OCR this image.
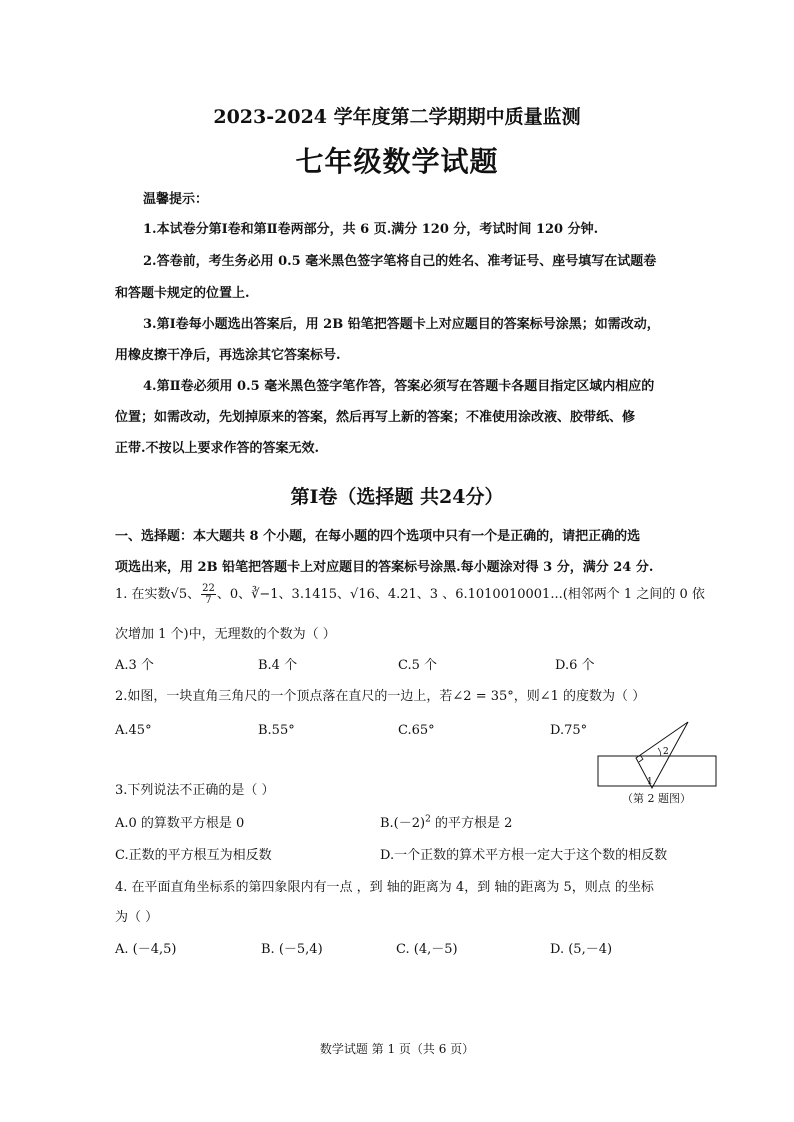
2023-2024 学年度第二学期期中质量监测
七年级数学试题
温馨提示：
1.本试卷分第Ⅰ卷和第Ⅱ卷两部分，共 6 页.满分 120 分，考试时间 120 分钟.
2.答卷前，考生务必用 0.5 毫米黑色签字笔将自己的姓名、准考证号、座号填写在试题卷
和答题卡规定的位置上.
3.第Ⅰ卷每小题选出答案后，用 2B 铅笔把答题卡上对应题目的答案标号涂黑；如需改动，
用橡皮擦干净后，再选涂其它答案标号.
4.第Ⅱ卷必须用 0.5 毫米黑色签字笔作答，答案必须写在答题卡各题目指定区域内相应的
位置；如需改动，先划掉原来的答案，然后再写上新的答案；不准使用涂改液、胶带纸、修
正带.不按以上要求作答的答案无效.
第Ⅰ卷（选择题 共24分）
一、选择题：本大题共 8 个小题，在每小题的四个选项中只有一个是正确的，请把正确的选
项选出来，用 2B 铅笔把答题卡上对应题目的答案标号涂黑.每小题涂对得 3 分，满分 24 分.
1. 在实数√5、 $\frac{22}{7}$ 、0、∛−1、3.1415、√16、4.21、3 、6.1010010001...(相邻两个 1 之间的 0 依
次增加 1 个)中，无理数的个数为（ ）
A.3 个	B.4 个	C.5 个	D.6 个
2.如图，一块直角三角尺的一个顶点落在直尺的一边上，若∠2 = 35°，则∠1 的度数为（ ）
A.45°	B.55°	C.65°	D.75°
2
1
（第 2 题图）
3.下列说法不正确的是（ ）
A.0 的算数平方根是 0	$B.(-2)^2$ 的平方根是 2
C.正数的平方根互为相反数	D.一个正数的算术平方根一定大于这个数的相反数
4. 在平面直角坐标系的第四象限内有一点 ，到 轴的距离为 4，到 轴的距离为 5，则点 的坐标
为（ ）
A. (－4,5)	B. (－5,4)	C. (4,－5)	D. (5,－4)
数学试题 第 1 页（共 6 页）
